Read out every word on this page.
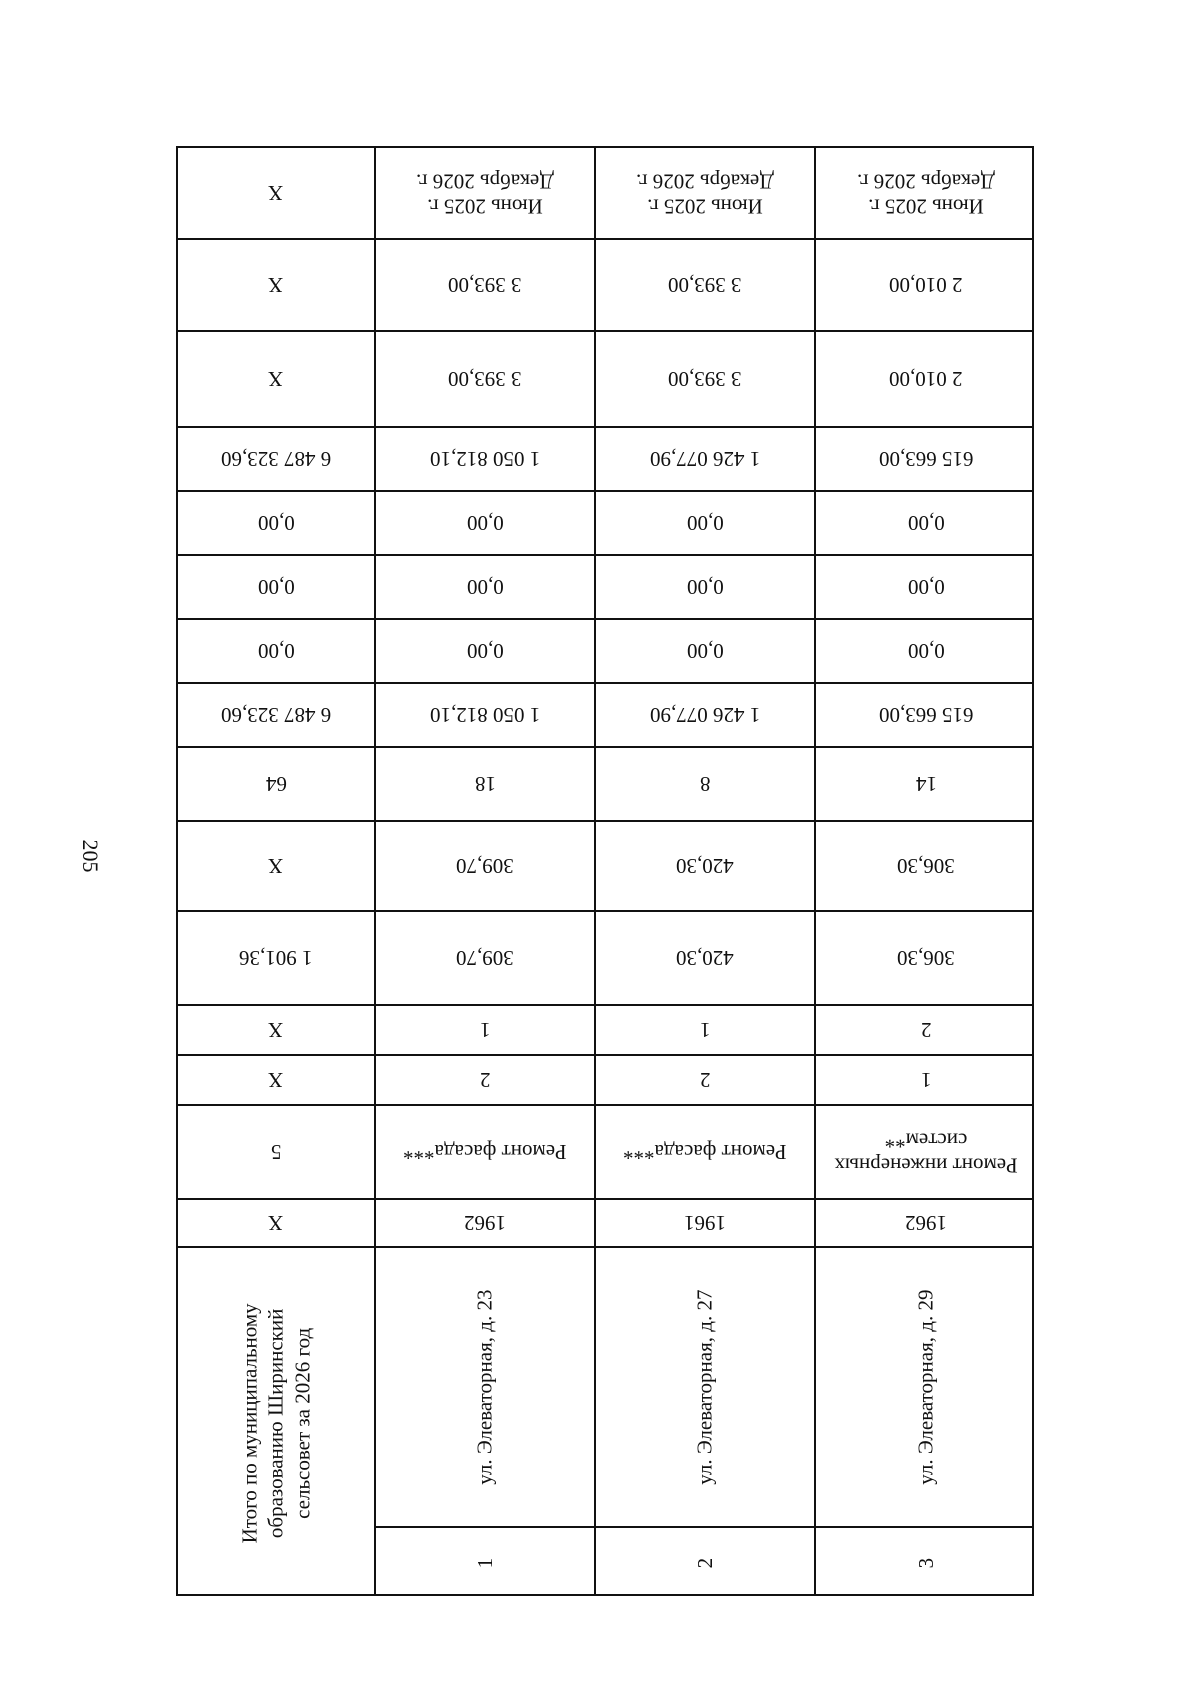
205
X
X
X
6 487 323,60
0,00
0,00
0,00
6 487 323,60
64
X
1 901,36
X
X
5
X
Итого по муниципальному образованию Ширинский сельсовет за 2026 год
Июнь 2025 г.
Декабрь 2026 г.
3 393,00
3 393,00
1 050 812,10
0,00
0,00
0,00
1 050 812,10
18
309,70
309,70
1
2
Ремонт фасада***
1962
ул. Элеваторная, д. 23
1
Июнь 2025 г.
Декабрь 2026 г.
3 393,00
3 393,00
1 426 077,90
0,00
0,00
0,00
1 426 077,90
8
420,30
420,30
1
2
Ремонт фасада***
1961
ул. Элеваторная, д. 27
2
Июнь 2025 г.
Декабрь 2026 г.
2 010,00
2 010,00
615 663,00
0,00
0,00
0,00
615 663,00
14
306,30
306,30
2
1
Ремонт инженерных систем**
1962
ул. Элеваторная, д. 29
3
